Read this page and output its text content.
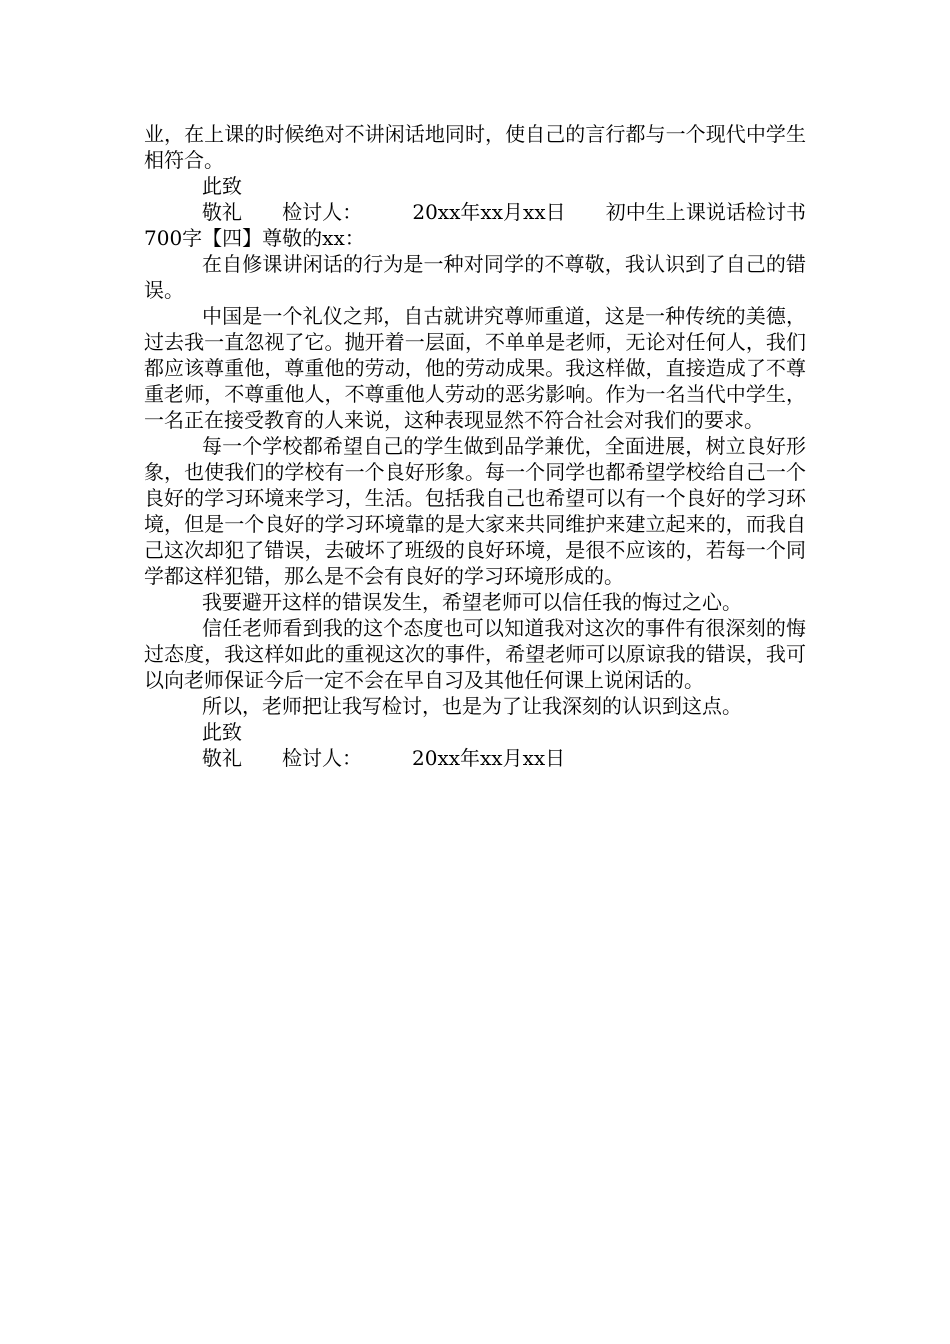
业，在上课的时候绝对不讲闲话地同时，使自己的言行都与一个现代中学生相符合。

此致

敬礼　　检讨人：　　　20xx年xx月xx日　　初中生上课说话检讨书700字【四】尊敬的xx：

在自修课讲闲话的行为是一种对同学的不尊敬，我认识到了自己的错误。

中国是一个礼仪之邦，自古就讲究尊师重道，这是一种传统的美德，过去我一直忽视了它。抛开着一层面，不单单是老师，无论对任何人，我们都应该尊重他，尊重他的劳动，他的劳动成果。我这样做，直接造成了不尊重老师，不尊重他人，不尊重他人劳动的恶劣影响。作为一名当代中学生，一名正在接受教育的人来说，这种表现显然不符合社会对我们的要求。

每一个学校都希望自己的学生做到品学兼优，全面进展，树立良好形象，也使我们的学校有一个良好形象。每一个同学也都希望学校给自己一个良好的学习环境来学习，生活。包括我自己也希望可以有一个良好的学习环境，但是一个良好的学习环境靠的是大家来共同维护来建立起来的，而我自己这次却犯了错误，去破坏了班级的良好环境，是很不应该的，若每一个同学都这样犯错，那么是不会有良好的学习环境形成的。

我要避开这样的错误发生，希望老师可以信任我的悔过之心。

信任老师看到我的这个态度也可以知道我对这次的事件有很深刻的悔过态度，我这样如此的重视这次的事件，希望老师可以原谅我的错误，我可以向老师保证今后一定不会在早自习及其他任何课上说闲话的。

所以，老师把让我写检讨，也是为了让我深刻的认识到这点。

此致

敬礼　　检讨人：　　　20xx年xx月xx日
